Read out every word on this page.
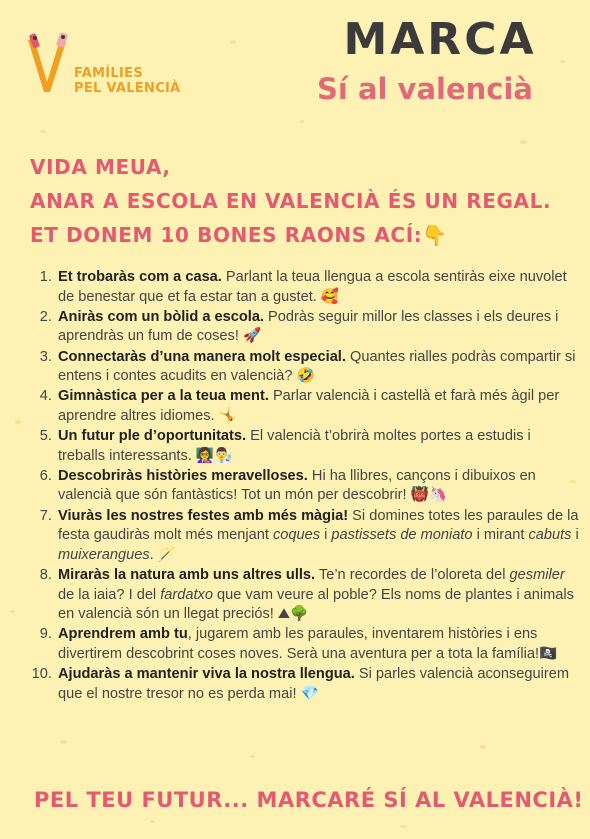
FAMÍLIES
PEL VALENCIÀ
MARCA
Sí al valencià
VIDA MEUA,
ANAR A ESCOLA EN VALENCIÀ ÉS UN REGAL.
ET DONEM 10 BONES RAONS ACÍ:👇
1. Et trobaràs com a casa. Parlant la teua llengua a escola sentiràs eixe nuvolet de benestar que et fa estar tan a gustet. 🥰
2. Aniràs com un bòlid a escola. Podràs seguir millor les classes i els deures i aprendràs un fum de coses! 🚀
3. Connectaràs d’una manera molt especial. Quantes rialles podràs compartir si entens i contes acudits en valencià? 🤣
4. Gimnàstica per a la teua ment. Parlar valencià i castellà et farà més àgil per aprendre altres idiomes. 🤸
5. Un futur ple d’oportunitats. El valencià t’obrirà moltes portes a estudis i treballs interessants. 👩‍🏫👨‍🔬
6. Descobriràs històries meravelloses. Hi ha llibres, cançons i dibuixos en valencià que són fantàstics! Tot un món per descobrir! 👹🦄
7. Viuràs les nostres festes amb més màgia! Si domines totes les paraules de la festa gaudiràs molt més menjant coques i pastissets de moniato i mirant cabuts i muixerangues. 🪄
8. Miraràs la natura amb uns altres ulls. Te’n recordes de l’oloreta del gesmiler de la iaia? I del fardatxo que vam veure al poble? Els noms de plantes i animals en valencià són un llegat preciós! ⛰🌳
9. Aprendrem amb tu, jugarem amb les paraules, inventarem històries i ens divertirem descobrint coses noves. Serà una aventura per a tota la família!🏴‍☠️
10. Ajudaràs a mantenir viva la nostra llengua. Si parles valencià aconseguirem que el nostre tresor no es perda mai! 💎
PEL TEU FUTUR... MARCARÉ SÍ AL VALENCIÀ!
